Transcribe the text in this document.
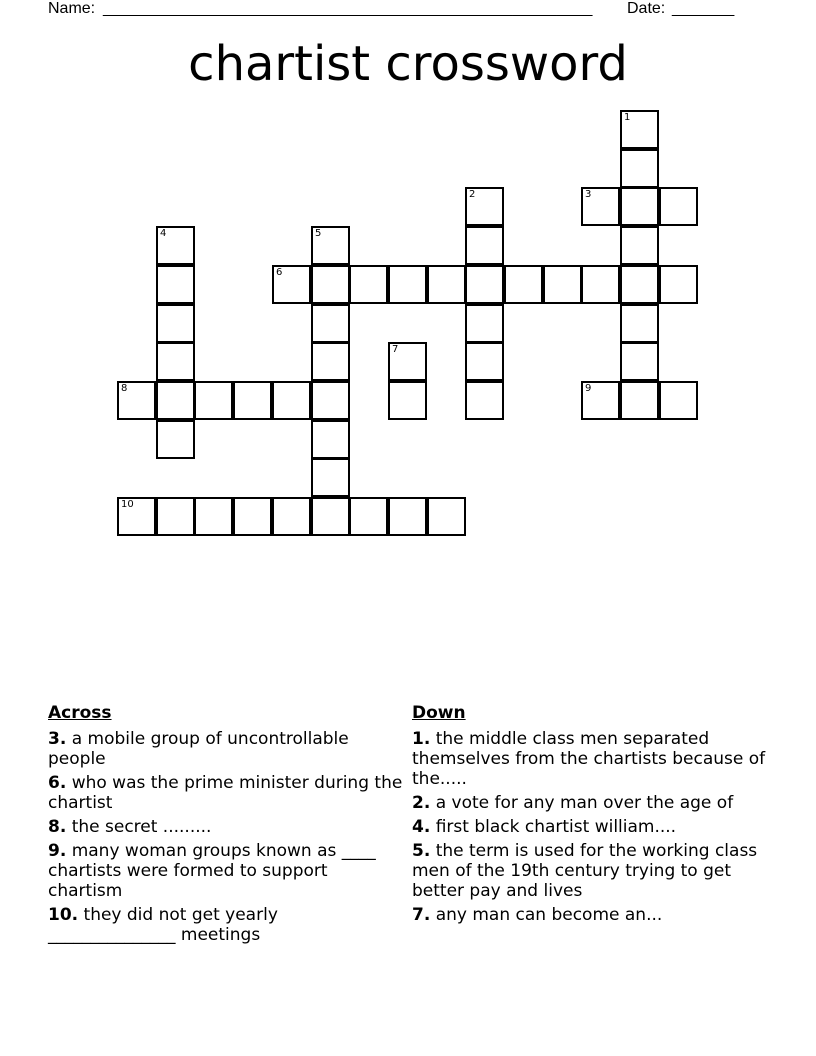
Name: _______________________________________________________ Date: _______
chartist crossword
1
2	3
4	5
6
7
8	9
10
Across
3. a mobile group of uncontrollable people
6. who was the prime minister during the chartist
8. the secret .........
9. many woman groups known as ____ chartists were formed to support chartism
10. they did not get yearly _______________ meetings
Down
1. the middle class men separated themselves from the chartists because of the.....
2. a vote for any man over the age of
4. first black chartist william....
5. the term is used for the working class men of the 19th century trying to get better pay and lives
7. any man can become an...
